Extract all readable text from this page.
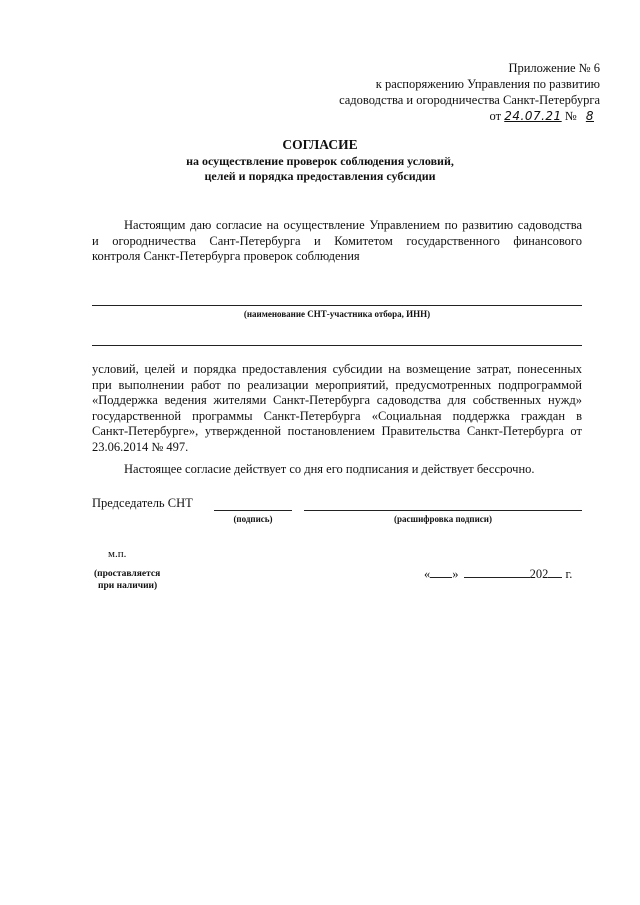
Приложение № 6
к распоряжению Управления по развитию
садоводства и огородничества Санкт-Петербурга
от 24.07.21 № 8
СОГЛАСИЕ
на осуществление проверок соблюдения условий,
целей и порядка предоставления субсидии

Настоящим даю согласие на осуществление Управлением по развитию садоводства

и огородничества Сант-Петербурга и Комитетом государственного финансового

контроля Санкт-Петербурга проверок соблюдения

(наименование СНТ-участника отбора, ИНН)

условий, целей и порядка предоставления субсидии на возмещение затрат, понесенных

при выполнении работ по реализации мероприятий, предусмотренных подпрограммой

«Поддержка ведения жителями Санкт-Петербурга садоводства для собственных нужд»

государственной программы Санкт-Петербурга «Социальная поддержка граждан в

Санкт-Петербурге», утвержденной постановлением Правительства Санкт-Петербурга от

23.06.2014 № 497.

Настоящее согласие действует со дня его подписания и действует бессрочно.
Председатель СНТ
(подпись)	(расшифровка подписи)
м.п.
(проставляется
при наличии)
« »	202 г.
